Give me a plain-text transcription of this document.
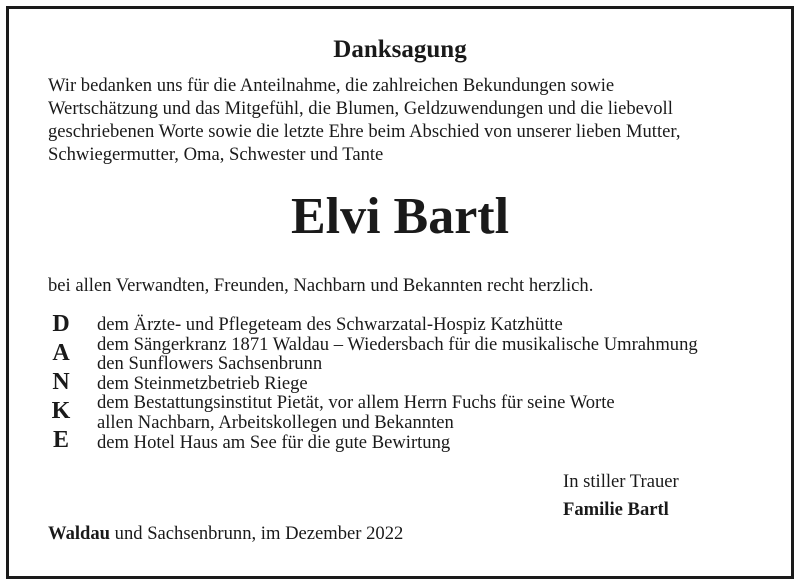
Danksagung
Wir bedanken uns für die Anteilnahme, die zahlreichen Bekundungen sowie
Wertschätzung und das Mitgefühl, die Blumen, Geldzuwendungen und die liebevoll
geschriebenen Worte sowie die letzte Ehre beim Abschied von unserer lieben Mutter,
Schwiegermutter, Oma, Schwester und Tante
Elvi Bartl
bei allen Verwandten, Freunden, Nachbarn und Bekannten recht herzlich.
D
A
N
K
E
dem Ärzte- und Pflegeteam des Schwarzatal-Hospiz Katzhütte
dem Sängerkranz 1871 Waldau – Wiedersbach für die musikalische Umrahmung
den Sunflowers Sachsenbrunn
dem Steinmetzbetrieb Riege
dem Bestattungsinstitut Pietät, vor allem Herrn Fuchs für seine Worte
allen Nachbarn, Arbeitskollegen und Bekannten
dem Hotel Haus am See für die gute Bewirtung
In stiller Trauer
Familie Bartl
Waldau und Sachsenbrunn, im Dezember 2022
